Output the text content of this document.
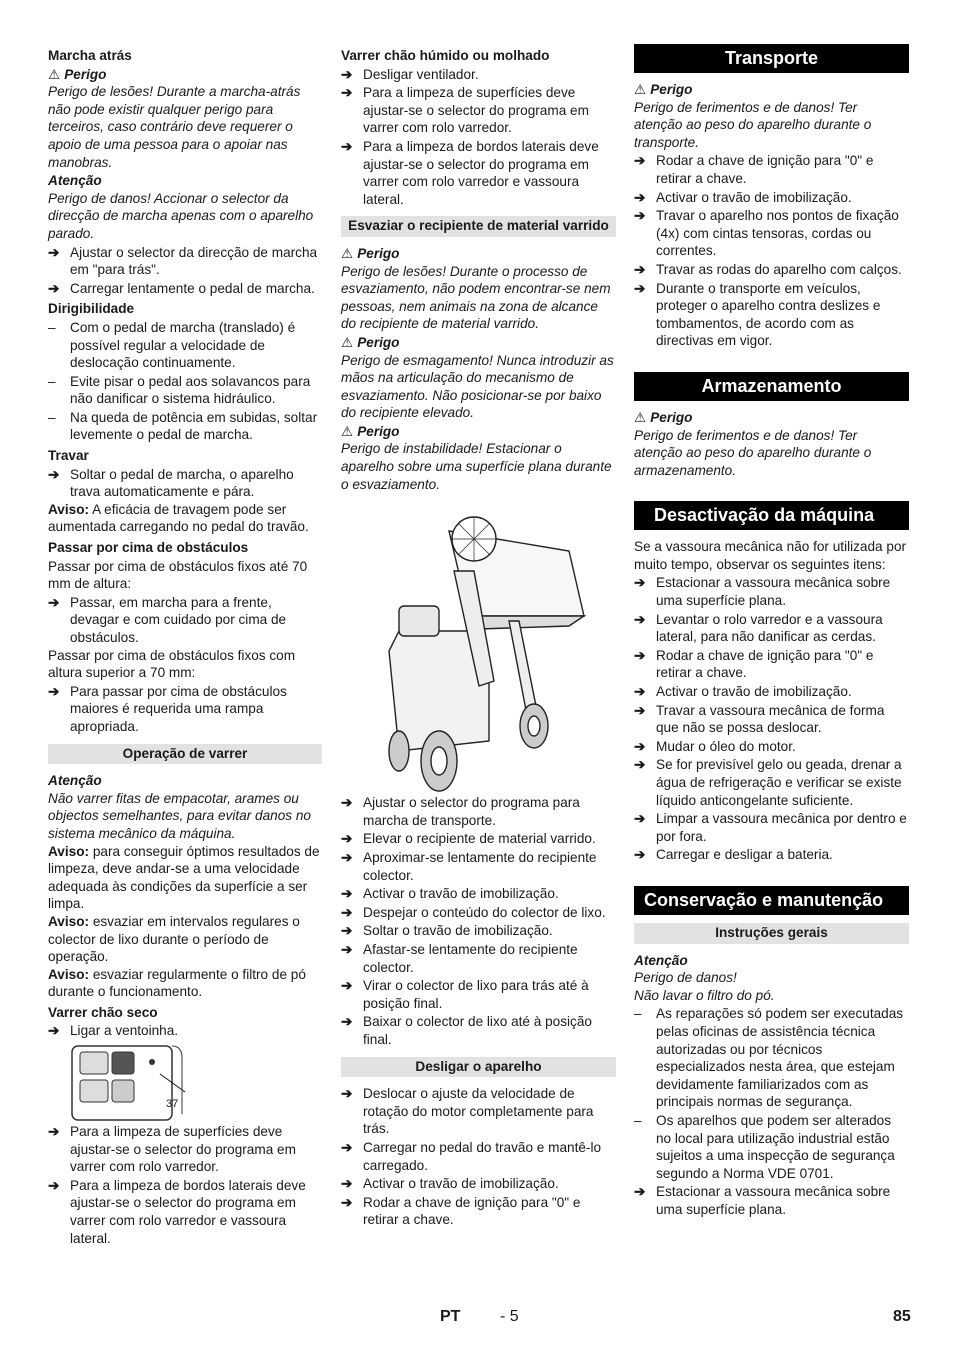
Marcha atrás
⚠ Perigo

Perigo de lesões! Durante a marcha-atrás não pode existir qualquer perigo para terceiros, caso contrário deve requerer o apoio de uma pessoa para o apoiar nas manobras.

Atenção

Perigo de danos! Accionar o selector da direcção de marcha apenas com o aparelho parado.

➔ Ajustar o selector da direcção de marcha em "para trás".
➔ Carregar lentamente o pedal de marcha.
Dirigibilidade
– Com o pedal de marcha (translado) é possível regular a velocidade de deslocação continuamente.
– Evite pisar o pedal aos solavancos para não danificar o sistema hidráulico.
– Na queda de potência em subidas, soltar levemente o pedal de marcha.
Travar
➔ Soltar o pedal de marcha, o aparelho trava automaticamente e pára.

Aviso: A eficácia de travagem pode ser aumentada carregando no pedal do travão.

Passar por cima de obstáculos

Passar por cima de obstáculos fixos até 70 mm de altura:

➔ Passar, em marcha para a frente, devagar e com cuidado por cima de obstáculos.

Passar por cima de obstáculos fixos com altura superior a 70 mm:

➔ Para passar por cima de obstáculos maiores é requerida uma rampa apropriada.
Operação de varrer
Atenção

Não varrer fitas de empacotar, arames ou objectos semelhantes, para evitar danos no sistema mecânico da máquina.

Aviso: para conseguir óptimos resultados de limpeza, deve andar-se a uma velocidade adequada às condições da superfície a ser limpa.

Aviso: esvaziar em intervalos regulares o colector de lixo durante o período de operação.

Aviso: esvaziar regularmente o filtro de pó durante o funcionamento.

Varrer chão seco
➔ Ligar a ventoinha.
37
➔ Para a limpeza de superfícies deve ajustar-se o selector do programa em varrer com rolo varredor.
➔ Para a limpeza de bordos laterais deve ajustar-se o selector do programa em varrer com rolo varredor e vassoura lateral.
Varrer chão húmido ou molhado
➔ Desligar ventilador.
➔ Para a limpeza de superfícies deve ajustar-se o selector do programa em varrer com rolo varredor.
➔ Para a limpeza de bordos laterais deve ajustar-se o selector do programa em varrer com rolo varredor e vassoura lateral.
Esvaziar o recipiente de material varrido
⚠ Perigo

Perigo de lesões! Durante o processo de esvaziamento, não podem encontrar-se nem pessoas, nem animais na zona de alcance do recipiente de material varrido.

⚠ Perigo

Perigo de esmagamento! Nunca introduzir as mãos na articulação do mecanismo de esvaziamento. Não posicionar-se por baixo do recipiente elevado.

⚠ Perigo

Perigo de instabilidade! Estacionar o aparelho sobre uma superfície plana durante o esvaziamento.

➔ Ajustar o selector do programa para marcha de transporte.
➔ Elevar o recipiente de material varrido.
➔ Aproximar-se lentamente do recipiente colector.
➔ Activar o travão de imobilização.
➔ Despejar o conteúdo do colector de lixo.
➔ Soltar o travão de imobilização.
➔ Afastar-se lentamente do recipiente colector.
➔ Virar o colector de lixo para trás até à posição final.
➔ Baixar o colector de lixo até à posição final.
Desligar o aparelho
➔ Deslocar o ajuste da velocidade de rotação do motor completamente para trás.
➔ Carregar no pedal do travão e mantê-lo carregado.
➔ Activar o travão de imobilização.
➔ Rodar a chave de ignição para "0" e retirar a chave.
Transporte
⚠ Perigo

Perigo de ferimentos e de danos! Ter atenção ao peso do aparelho durante o transporte.

➔ Rodar a chave de ignição para "0" e retirar a chave.
➔ Activar o travão de imobilização.
➔ Travar o aparelho nos pontos de fixação (4x) com cintas tensoras, cordas ou correntes.
➔ Travar as rodas do aparelho com calços.
➔ Durante o transporte em veículos, proteger o aparelho contra deslizes e tombamentos, de acordo com as directivas em vigor.
Armazenamento
⚠ Perigo

Perigo de ferimentos e de danos! Ter atenção ao peso do aparelho durante o armazenamento.

Desactivação da máquina

Se a vassoura mecânica não for utilizada por muito tempo, observar os seguintes itens:

➔ Estacionar a vassoura mecânica sobre uma superfície plana.
➔ Levantar o rolo varredor e a vassoura lateral, para não danificar as cerdas.
➔ Rodar a chave de ignição para "0" e retirar a chave.
➔ Activar o travão de imobilização.
➔ Travar a vassoura mecânica de forma que não se possa deslocar.
➔ Mudar o óleo do motor.
➔ Se for previsível gelo ou geada, drenar a água de refrigeração e verificar se existe líquido anticongelante suficiente.
➔ Limpar a vassoura mecânica por dentro e por fora.
➔ Carregar e desligar a bateria.
Conservação e manutenção
Instruções gerais
Atenção

Perigo de danos!

Não lavar o filtro do pó.

– As reparações só podem ser executadas pelas oficinas de assistência técnica autorizadas ou por técnicos especializados nesta área, que estejam devidamente familiarizados com as principais normas de segurança.
– Os aparelhos que podem ser alterados no local para utilização industrial estão sujeitos a uma inspecção de segurança segundo a Norma VDE 0701.
➔ Estacionar a vassoura mecânica sobre uma superfície plana.
PT - 5	85
